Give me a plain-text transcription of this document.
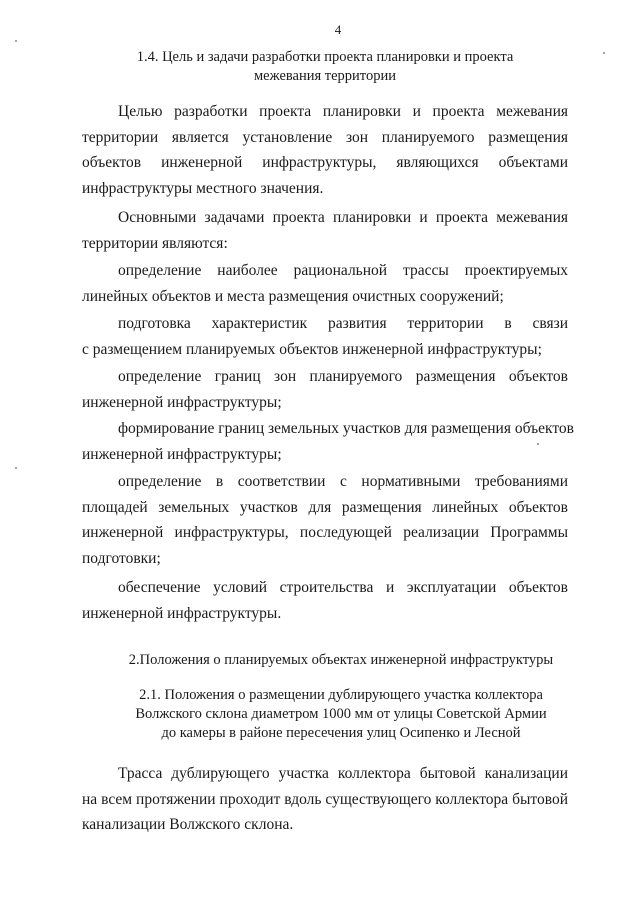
4
1.4. Цель и задачи разработки проекта планировки и проекта
межевания территории
Целью разработки проекта планировки и проекта межевания
территории является установление зон планируемого размещения
объектов инженерной инфраструктуры, являющихся объектами
инфраструктуры местного значения.
Основными задачами проекта планировки и проекта межевания
территории являются:
определение наиболее рациональной трассы проектируемых
линейных объектов и места размещения очистных сооружений;
подготовка характеристик развития территории в связи
с размещением планируемых объектов инженерной инфраструктуры;
определение границ зон планируемого размещения объектов
инженерной инфраструктуры;
формирование границ земельных участков для размещения объектов
инженерной инфраструктуры;
определение в соответствии с нормативными требованиями
площадей земельных участков для размещения линейных объектов
инженерной инфраструктуры, последующей реализации Программы
подготовки;
обеспечение условий строительства и эксплуатации объектов
инженерной инфраструктуры.
2.Положения о планируемых объектах инженерной инфраструктуры
2.1. Положения о размещении дублирующего участка коллектора
Волжского склона диаметром 1000 мм от улицы Советской Армии
до камеры в районе пересечения улиц Осипенко и Лесной
Трасса дублирующего участка коллектора бытовой канализации
на всем протяжении проходит вдоль существующего коллектора бытовой
канализации Волжского склона.
